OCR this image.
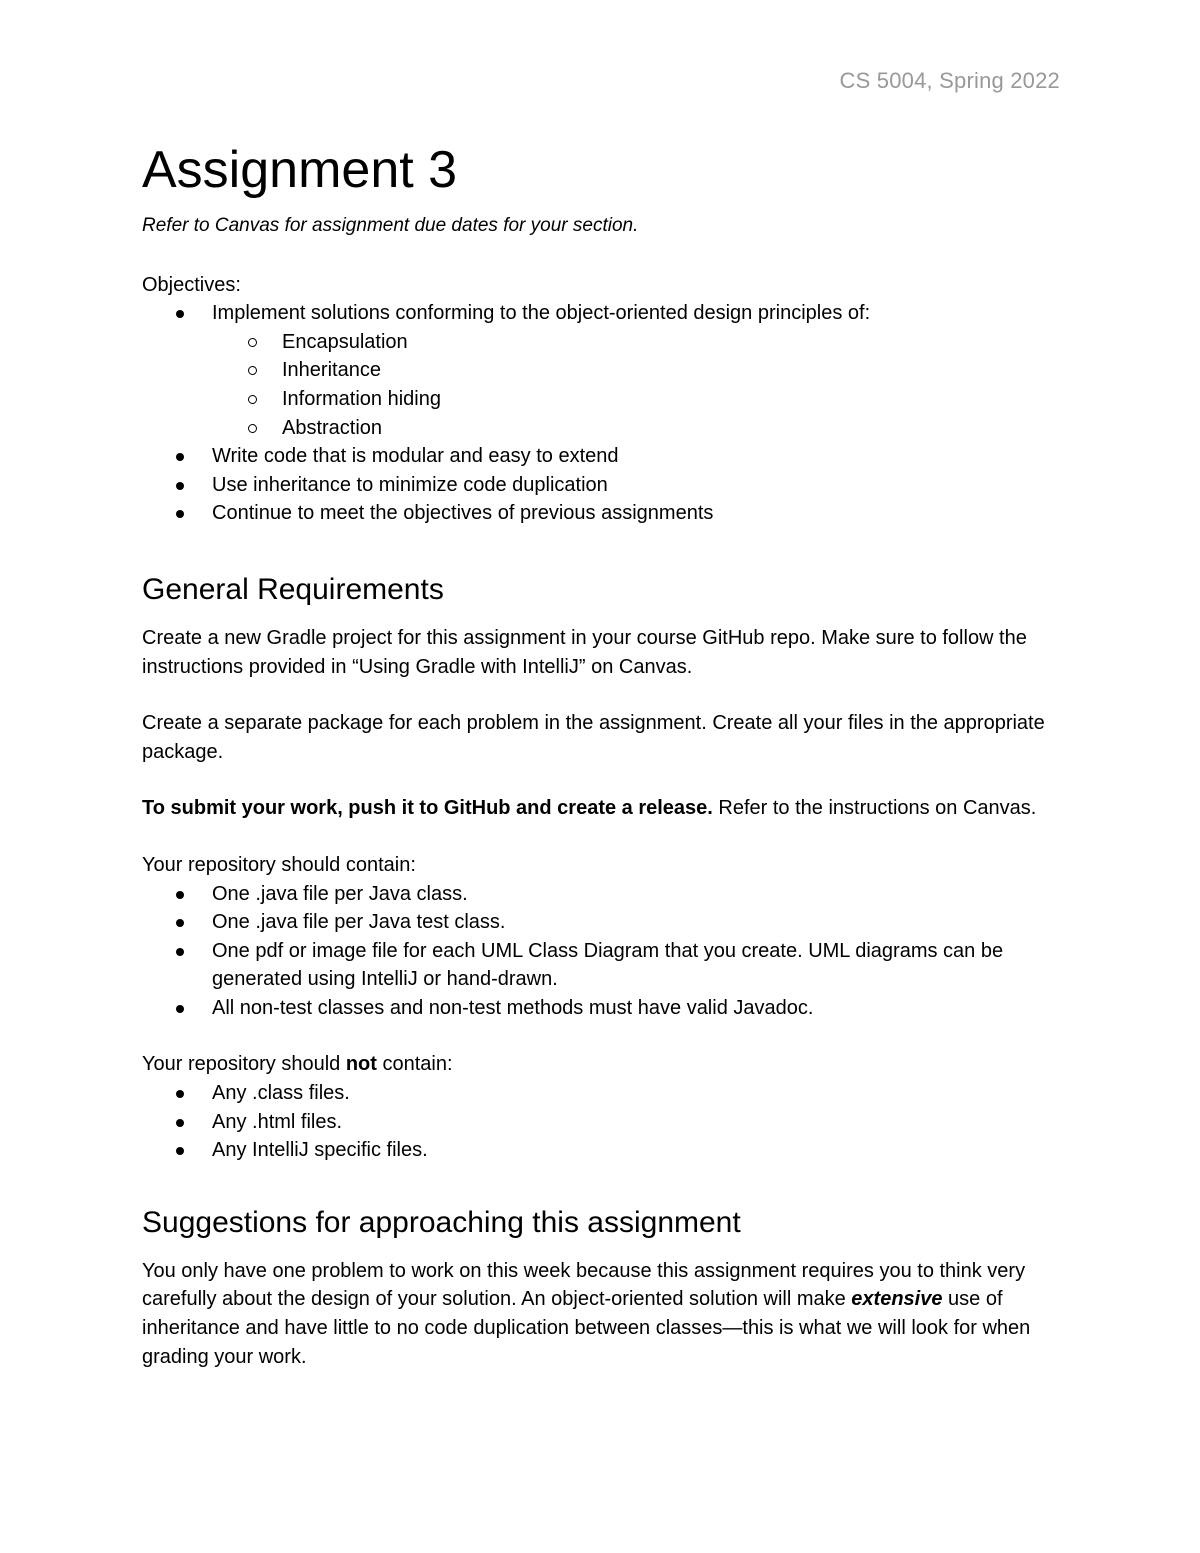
CS 5004, Spring 2022
Assignment 3

Refer to Canvas for assignment due dates for your section.

Objectives:

Implement solutions conforming to the object-oriented design principles of:
Encapsulation
Inheritance
Information hiding
Abstraction
Write code that is modular and easy to extend
Use inheritance to minimize code duplication
Continue to meet the objectives of previous assignments
General Requirements

Create a new Gradle project for this assignment in your course GitHub repo. Make sure to follow the instructions provided in “Using Gradle with IntelliJ” on Canvas.

Create a separate package for each problem in the assignment. Create all your files in the appropriate package.

To submit your work, push it to GitHub and create a release. Refer to the instructions on Canvas.

Your repository should contain:

One .java file per Java class.
One .java file per Java test class.
One pdf or image file for each UML Class Diagram that you create. UML diagrams can be generated using IntelliJ or hand-drawn.
All non-test classes and non-test methods must have valid Javadoc.

Your repository should not contain:

Any .class files.
Any .html files.
Any IntelliJ specific files.
Suggestions for approaching this assignment

You only have one problem to work on this week because this assignment requires you to think very carefully about the design of your solution. An object-oriented solution will make extensive use of inheritance and have little to no code duplication between classes—this is what we will look for when grading your work.
